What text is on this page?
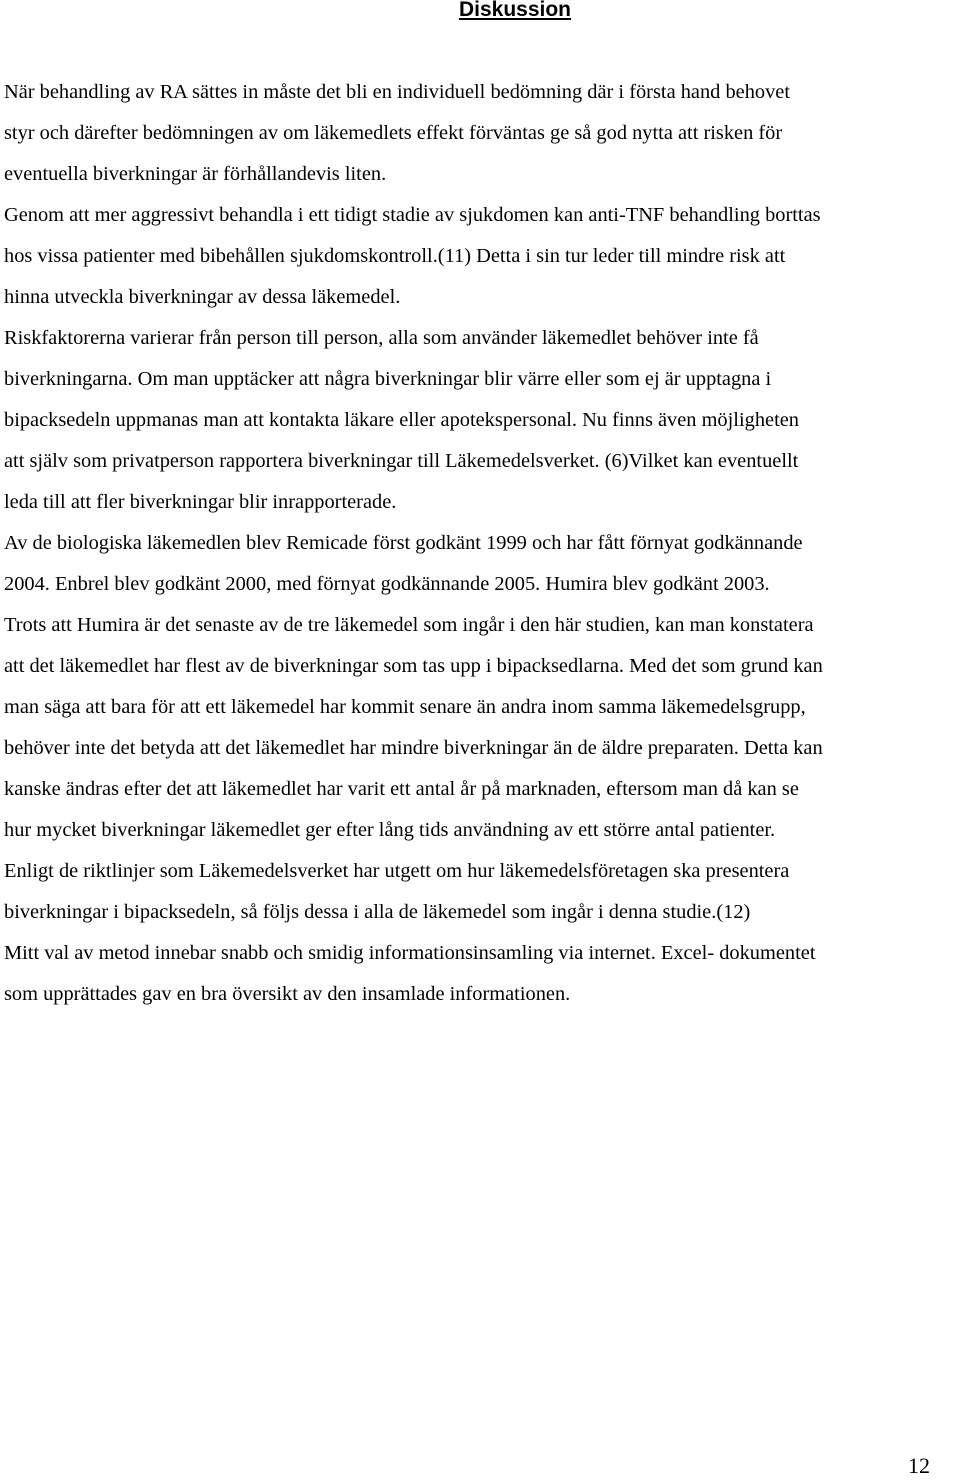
Diskussion
När behandling av RA sättes in måste det bli en individuell bedömning där i första hand behovet
styr och därefter bedömningen av om läkemedlets effekt förväntas ge så god nytta att risken för
eventuella biverkningar är förhållandevis liten.
Genom att mer aggressivt behandla i ett tidigt stadie av sjukdomen kan anti-TNF behandling borttas
hos vissa patienter med bibehållen sjukdomskontroll.(11) Detta i sin tur leder till mindre risk att
hinna utveckla biverkningar av dessa läkemedel.
Riskfaktorerna varierar från person till person, alla som använder läkemedlet behöver inte få
biverkningarna. Om man upptäcker att några biverkningar blir värre eller som ej är upptagna i
bipacksedeln uppmanas man att kontakta läkare eller apotekspersonal. Nu finns även möjligheten
att själv som privatperson rapportera biverkningar till Läkemedelsverket. (6)Vilket kan eventuellt
leda till att fler biverkningar blir inrapporterade.
Av de biologiska läkemedlen blev Remicade först godkänt 1999 och har fått förnyat godkännande
2004. Enbrel blev godkänt 2000, med förnyat godkännande 2005. Humira blev godkänt 2003.
Trots att Humira är det senaste av de tre läkemedel som ingår i den här studien, kan man konstatera
att det läkemedlet har flest av de biverkningar som tas upp i bipacksedlarna. Med det som grund kan
man säga att bara för att ett läkemedel har kommit senare än andra inom samma läkemedelsgrupp,
behöver inte det betyda att det läkemedlet har mindre biverkningar än de äldre preparaten. Detta kan
kanske ändras efter det att läkemedlet har varit ett antal år på marknaden, eftersom man då kan se
hur mycket biverkningar läkemedlet ger efter lång tids användning av ett större antal patienter.
Enligt de riktlinjer som Läkemedelsverket har utgett om hur läkemedelsföretagen ska presentera
biverkningar i bipacksedeln, så följs dessa i alla de läkemedel som ingår i denna studie.(12)
Mitt val av metod innebar snabb och smidig informationsinsamling via internet. Excel- dokumentet
som upprättades gav en bra översikt av den insamlade informationen.
12
